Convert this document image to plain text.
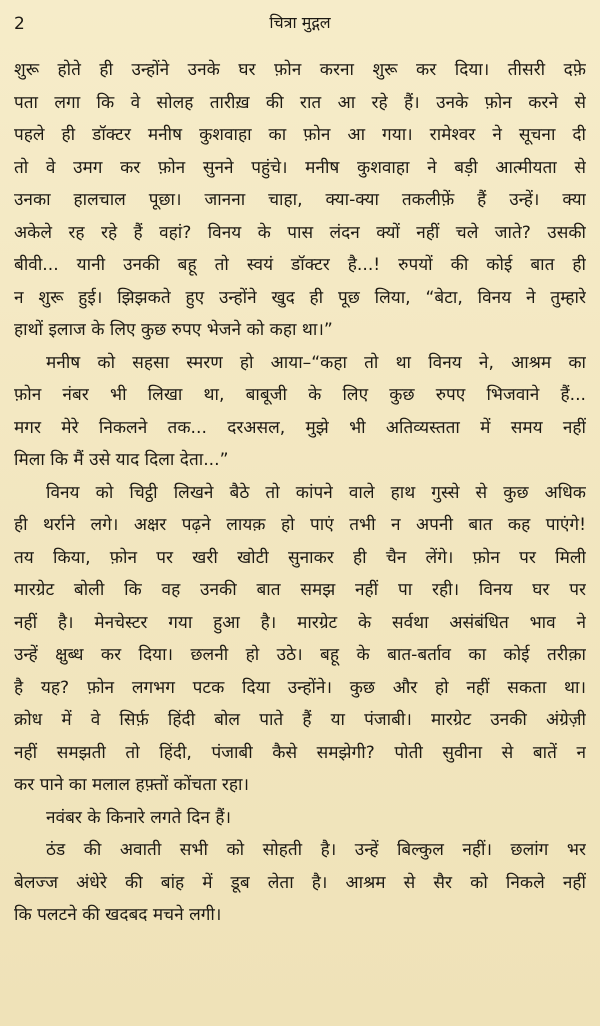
2	चित्रा मुद्गल
शुरू होते ही उन्होंने उनके घर फ़ोन करना शुरू कर दिया। तीसरी दफ़े
पता लगा कि वे सोलह तारीख़ की रात आ रहे हैं। उनके फ़ोन करने से
पहले ही डॉक्टर मनीष कुशवाहा का फ़ोन आ गया। रामेश्वर ने सूचना दी
तो वे उमग कर फ़ोन सुनने पहुंचे। मनीष कुशवाहा ने बड़ी आत्मीयता से
उनका हालचाल पूछा। जानना चाहा, क्या-क्या तकलीफ़ें हैं उन्हें। क्या
अकेले रह रहे हैं वहां? विनय के पास लंदन क्यों नहीं चले जाते? उसकी
बीवी... यानी उनकी बहू तो स्वयं डॉक्टर है...! रुपयों की कोई बात ही
न शुरू हुई। झिझकते हुए उन्होंने खुद ही पूछ लिया, “बेटा, विनय ने तुम्हारे
हाथों इलाज के लिए कुछ रुपए भेजने को कहा था।”
मनीष को सहसा स्मरण हो आया–“कहा तो था विनय ने, आश्रम का
फ़ोन नंबर भी लिखा था, बाबूजी के लिए कुछ रुपए भिजवाने हैं...
मगर मेरे निकलने तक... दरअसल, मुझे भी अतिव्यस्तता में समय नहीं
मिला कि मैं उसे याद दिला देता...”
विनय को चिट्ठी लिखने बैठे तो कांपने वाले हाथ गुस्से से कुछ अधिक
ही थर्राने लगे। अक्षर पढ़ने लायक़ हो पाएं तभी न अपनी बात कह पाएंगे!
तय किया, फ़ोन पर खरी खोटी सुनाकर ही चैन लेंगे। फ़ोन पर मिली
मारग्रेट बोली कि वह उनकी बात समझ नहीं पा रही। विनय घर पर
नहीं है। मेनचेस्टर गया हुआ है। मारग्रेट के सर्वथा असंबंधित भाव ने
उन्हें क्षुब्ध कर दिया। छलनी हो उठे। बहू के बात-बर्ताव का कोई तरीक़ा
है यह? फ़ोन लगभग पटक दिया उन्होंने। कुछ और हो नहीं सकता था।
क्रोध में वे सिर्फ़ हिंदी बोल पाते हैं या पंजाबी। मारग्रेट उनकी अंग्रेज़ी
नहीं समझती तो हिंदी, पंजाबी कैसे समझेगी? पोती सुवीना से बातें न
कर पाने का मलाल हफ़्तों कोंचता रहा।
नवंबर के किनारे लगते दिन हैं।
ठंड की अवाती सभी को सोहती है। उन्हें बिल्कुल नहीं। छलांग भर
बेलज्ज अंधेरे की बांह में डूब लेता है। आश्रम से सैर को निकले नहीं
कि पलटने की खदबद मचने लगी।
